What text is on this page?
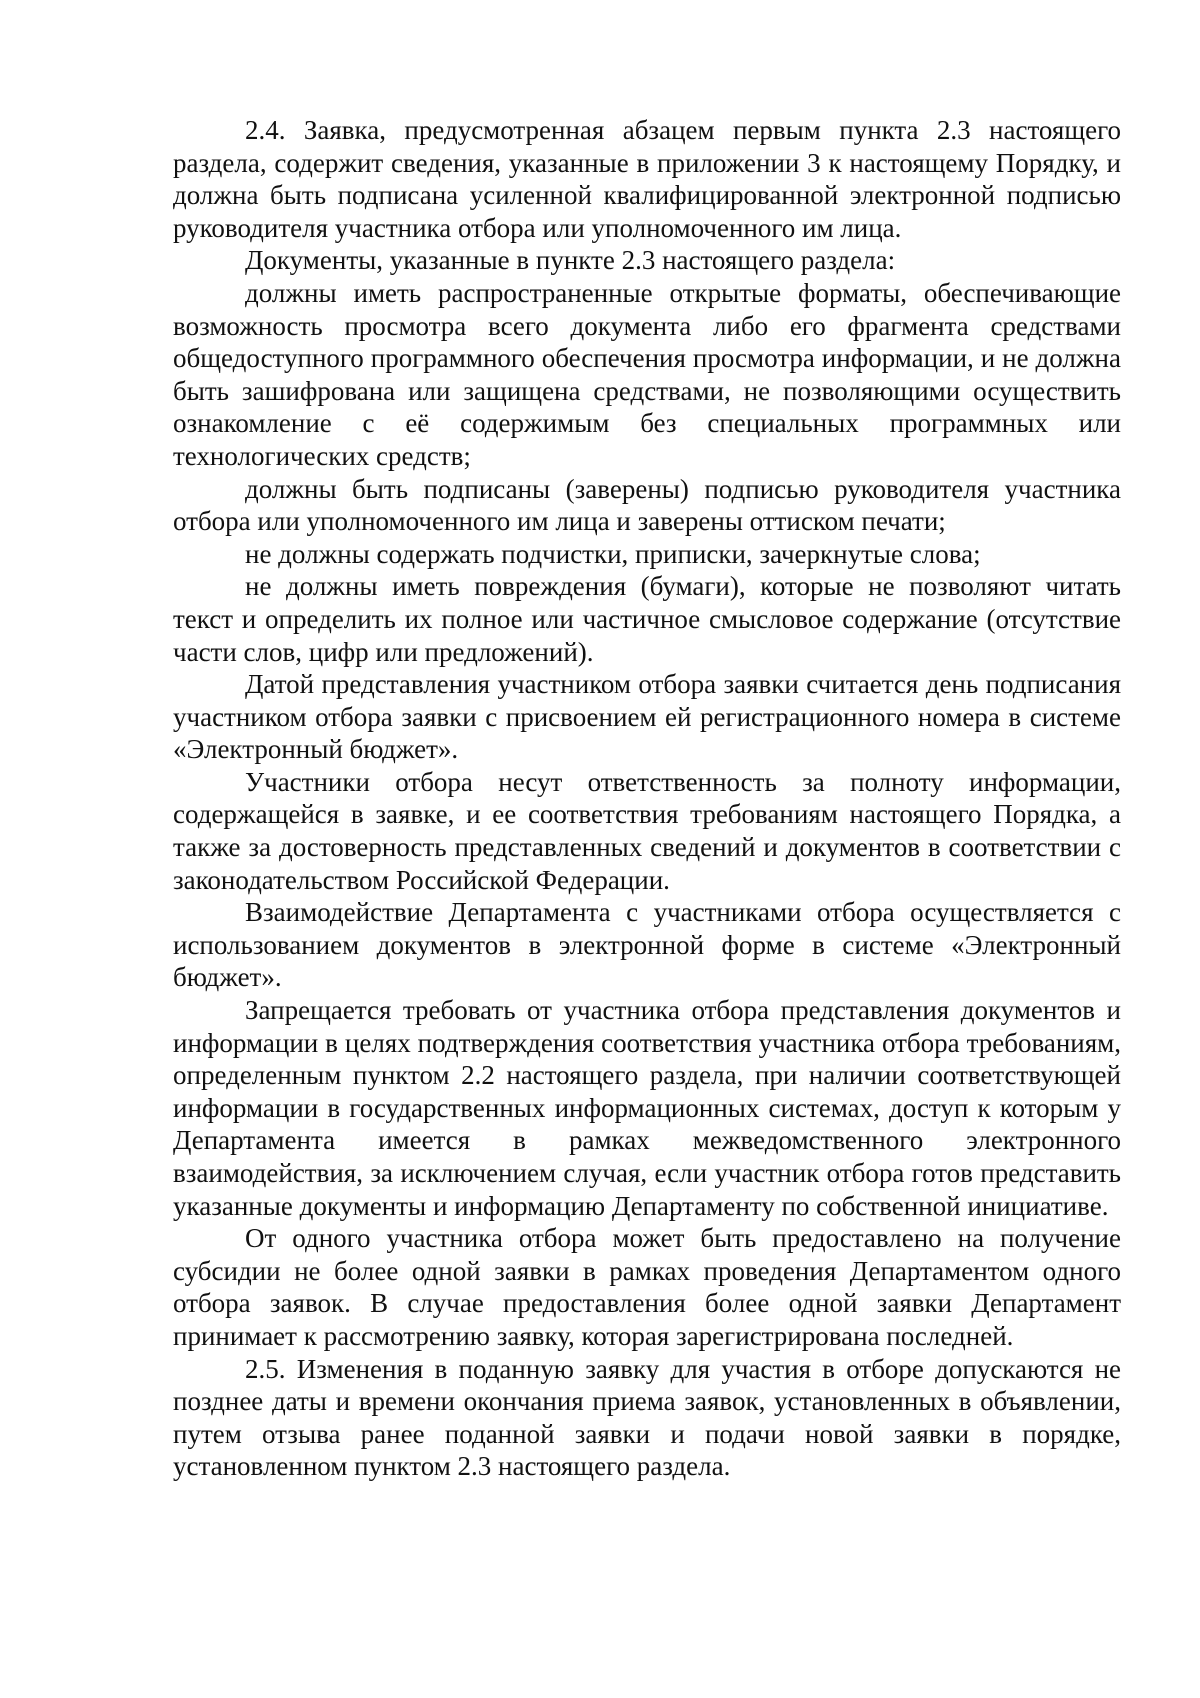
2.4. Заявка, предусмотренная абзацем первым пункта 2.3 настоящего раздела, содержит сведения, указанные в приложении 3 к настоящему Порядку, и должна быть подписана усиленной квалифицированной электронной подписью руководителя участника отбора или уполномоченного им лица.

Документы, указанные в пункте 2.3 настоящего раздела:

должны иметь распространенные открытые форматы, обеспечивающие возможность просмотра всего документа либо его фрагмента средствами общедоступного программного обеспечения просмотра информации, и не должна быть зашифрована или защищена средствами, не позволяющими осуществить ознакомление с её содержимым без специальных программных или технологических средств;

должны быть подписаны (заверены) подписью руководителя участника отбора или уполномоченного им лица и заверены оттиском печати;

не должны содержать подчистки, приписки, зачеркнутые слова;

не должны иметь повреждения (бумаги), которые не позволяют читать текст и определить их полное или частичное смысловое содержание (отсутствие части слов, цифр или предложений).

Датой представления участником отбора заявки считается день подписания участником отбора заявки с присвоением ей регистрационного номера в системе «Электронный бюджет».

Участники отбора несут ответственность за полноту информации, содержащейся в заявке, и ее соответствия требованиям настоящего Порядка, а также за достоверность представленных сведений и документов в соответствии с законодательством Российской Федерации.

Взаимодействие Департамента с участниками отбора осуществляется с использованием документов в электронной форме в системе «Электронный бюджет».

Запрещается требовать от участника отбора представления документов и информации в целях подтверждения соответствия участника отбора требованиям, определенным пунктом 2.2 настоящего раздела, при наличии соответствующей информации в государственных информационных системах, доступ к которым у Департамента имеется в рамках межведомственного электронного взаимодействия, за исключением случая, если участник отбора готов представить указанные документы и информацию Департаменту по собственной инициативе.

От одного участника отбора может быть предоставлено на получение субсидии не более одной заявки в рамках проведения Департаментом одного отбора заявок. В случае предоставления более одной заявки Департамент принимает к рассмотрению заявку, которая зарегистрирована последней.

2.5. Изменения в поданную заявку для участия в отборе допускаются не позднее даты и времени окончания приема заявок, установленных в объявлении, путем отзыва ранее поданной заявки и подачи новой заявки в порядке, установленном пунктом 2.3 настоящего раздела.
